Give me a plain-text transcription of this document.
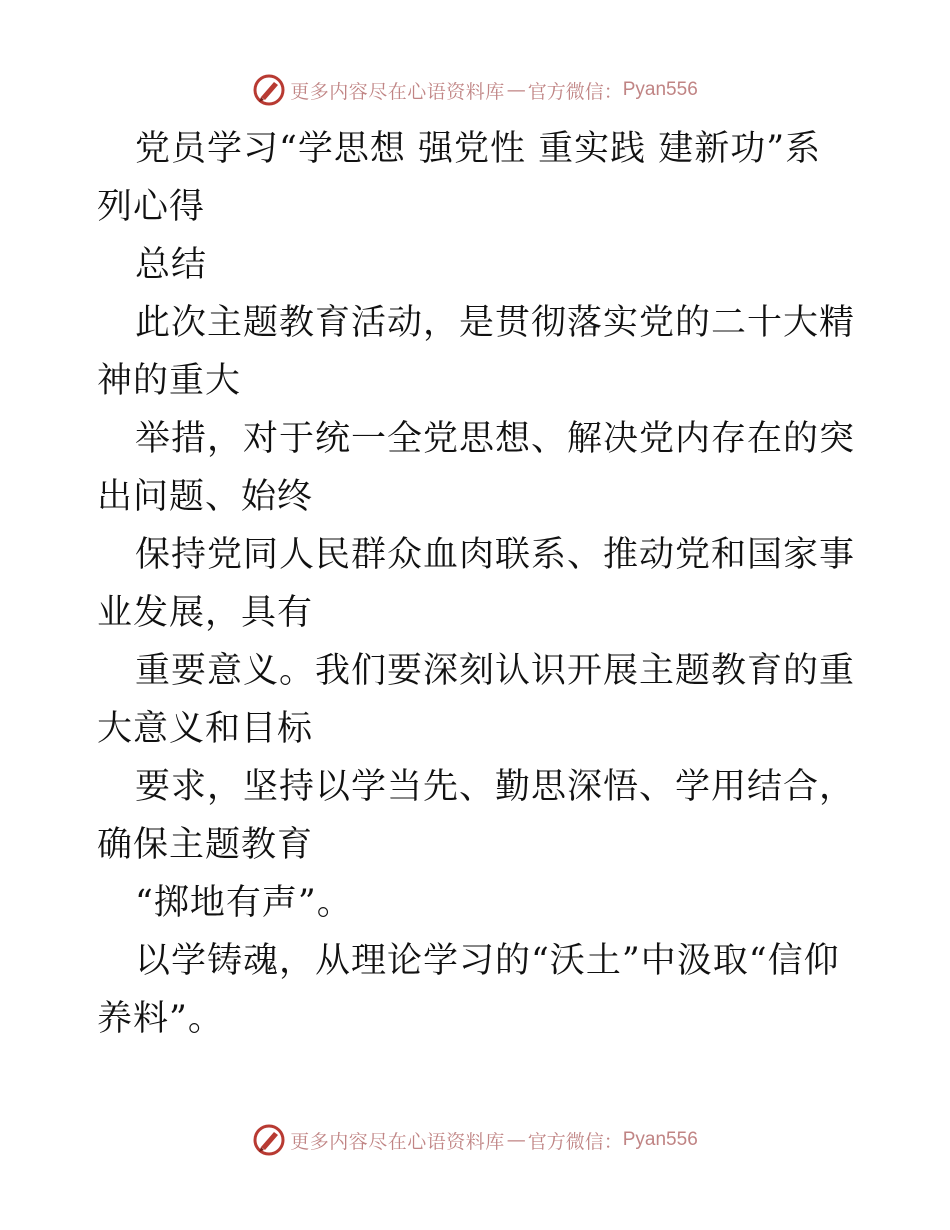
更多内容尽在心语资料库 — 官方微信： Pyan556

党员学习“学思想 强党性 重实践 建新功”系列心得

总结

此次主题教育活动，是贯彻落实党的二十大精神的重大

举措，对于统一全党思想、解决党内存在的突出问题、始终

保持党同人民群众血肉联系、推动党和国家事业发展，具有

重要意义。我们要深刻认识开展主题教育的重大意义和目标

要求，坚持以学当先、勤思深悟、学用结合，确保主题教育

“掷地有声”。

以学铸魂，从理论学习的“沃土”中汲取“信仰养料”。

更多内容尽在心语资料库 — 官方微信： Pyan556
